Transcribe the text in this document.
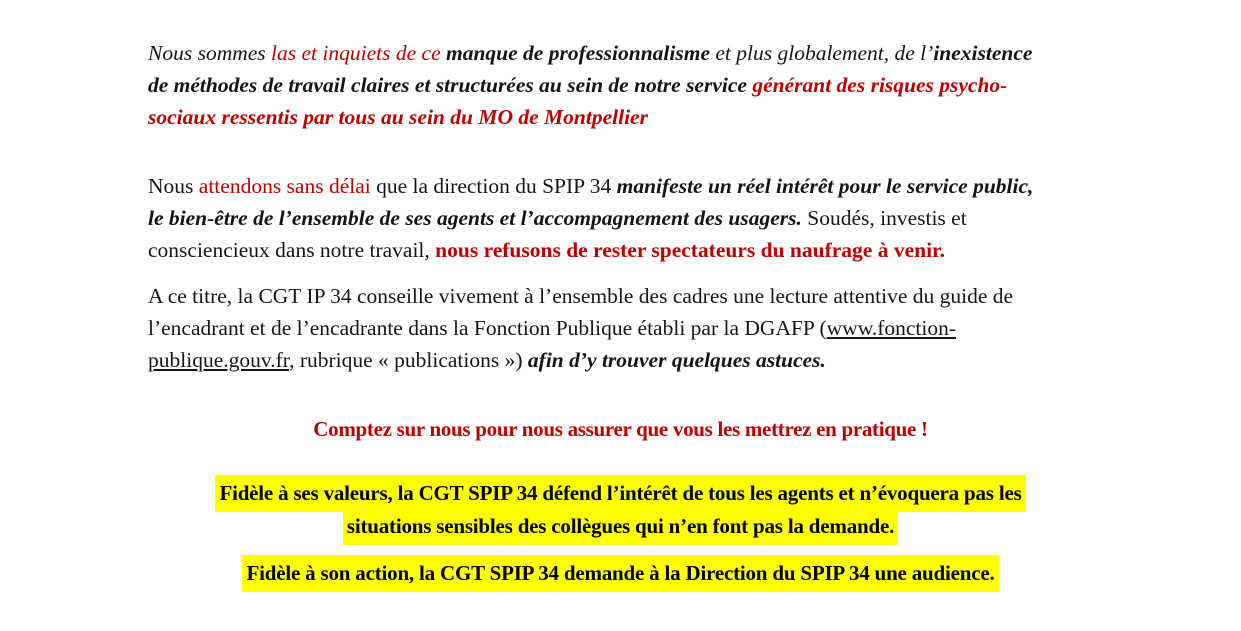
Nous sommes las et inquiets de ce manque de professionnalisme et plus globalement, de l’inexistence
de méthodes de travail claires et structurées au sein de notre service générant des risques psycho-
sociaux ressentis par tous au sein du MO de Montpellier
Nous attendons sans délai que la direction du SPIP 34 manifeste un réel intérêt pour le service public,
le bien-être de l’ensemble de ses agents et l’accompagnement des usagers. Soudés, investis et
consciencieux dans notre travail, nous refusons de rester spectateurs du naufrage à venir.
A ce titre, la CGT IP 34 conseille vivement à l’ensemble des cadres une lecture attentive du guide de
l’encadrant et de l’encadrante dans la Fonction Publique établi par la DGAFP (www.fonction-
publique.gouv.fr, rubrique « publications ») afin d’y trouver quelques astuces.
Comptez sur nous pour nous assurer que vous les mettrez en pratique !
Fidèle à ses valeurs, la CGT SPIP 34 défend l’intérêt de tous les agents et n’évoquera pas les
situations sensibles des collègues qui n’en font pas la demande.
Fidèle à son action, la CGT SPIP 34 demande à la Direction du SPIP 34 une audience.
